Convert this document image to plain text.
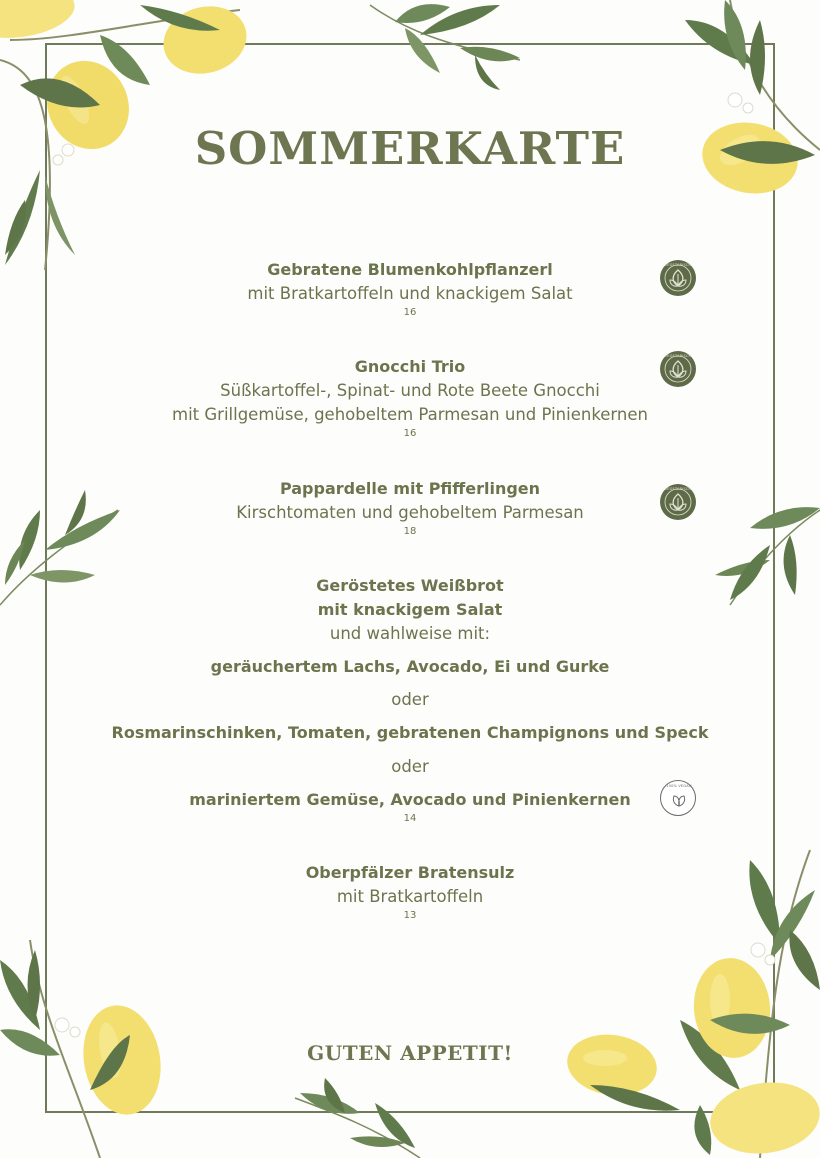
SOMMERKARTE
Gebratene Blumenkohlpflanzerl
mit Bratkartoffeln und knackigem Salat
16
VEGETARISCH
Gnocchi Trio
Süßkartoffel-, Spinat- und Rote Beete Gnocchi
mit Grillgemüse, gehobeltem Parmesan und Pinienkernen
16
VEGETARISCH
Pappardelle mit Pfifferlingen
Kirschtomaten und gehobeltem Parmesan
18
VEGETARISCH
Geröstetes Weißbrot
mit knackigem Salat
und wahlweise mit:
geräuchertem Lachs, Avocado, Ei und Gurke
oder
Rosmarinschinken, Tomaten, gebratenen Champignons und Speck
oder
mariniertem Gemüse, Avocado und Pinienkernen
14
100% VEGAN
Oberpfälzer Bratensulz
mit Bratkartoffeln
13
GUTEN APPETIT!
